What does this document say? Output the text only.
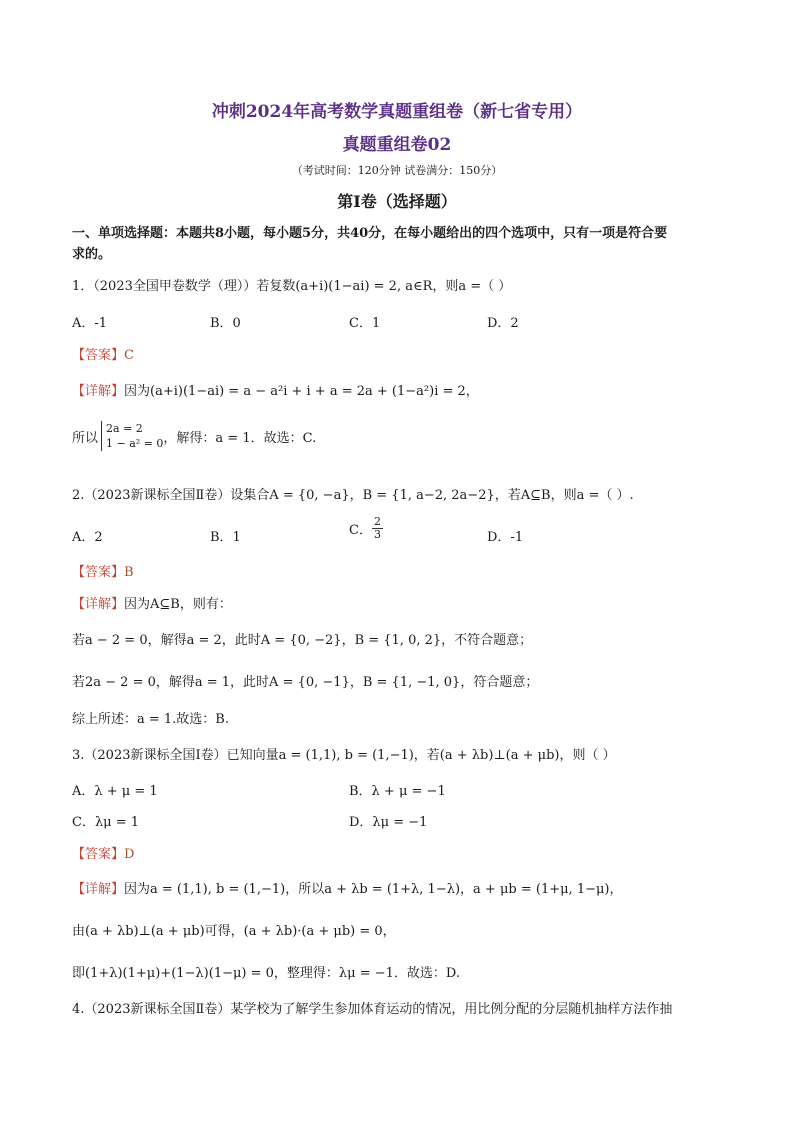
冲刺2024年高考数学真题重组卷（新七省专用）
真题重组卷02
（考试时间：120分钟 试卷满分：150分）
第I卷（选择题）
一、单项选择题：本题共8小题，每小题5分，共40分，在每小题给出的四个选项中，只有一项是符合要
求的。
1．（2023全国甲卷数学（理））若复数(a+i)(1−ai) = 2, a∈R，则a =（ ）
A．-1	B．0	C．1	D．2
【答案】C
【详解】因为(a+i)(1−ai) = a − a²i + i + a = 2a + (1−a²)i = 2，
所以
2a = 2
1 − a² = 0 ，解得：a = 1．故选：C.
2.（2023新课标全国Ⅱ卷）设集合A = {0, −a}，B = {1, a−2, 2a−2}，若A⊆B，则a =（ ）.
A．2	B．1	C． $\frac{2}{3}$	D．-1
【答案】B
【详解】因为A⊆B，则有：
若a − 2 = 0，解得a = 2，此时A = {0, −2}，B = {1, 0, 2}，不符合题意；
若2a − 2 = 0，解得a = 1，此时A = {0, −1}，B = {1, −1, 0}，符合题意；
综上所述：a = 1.故选：B.
3.（2023新课标全国Ⅰ卷）已知向量a = (1,1), b = (1,−1)，若(a + λb)⊥(a + μb)，则（ ）
A．λ + μ = 1	B．λ + μ = −1
C．λμ = 1	D．λμ = −1
【答案】D
【详解】因为a = (1,1), b = (1,−1)，所以a + λb = (1+λ, 1−λ)，a + μb = (1+μ, 1−μ)，
由(a + λb)⊥(a + μb)可得，(a + λb)·(a + μb) = 0，
即(1+λ)(1+μ)+(1−λ)(1−μ) = 0，整理得：λμ = −1．故选：D.
4.（2023新课标全国Ⅱ卷）某学校为了解学生参加体育运动的情况，用比例分配的分层随机抽样方法作抽
